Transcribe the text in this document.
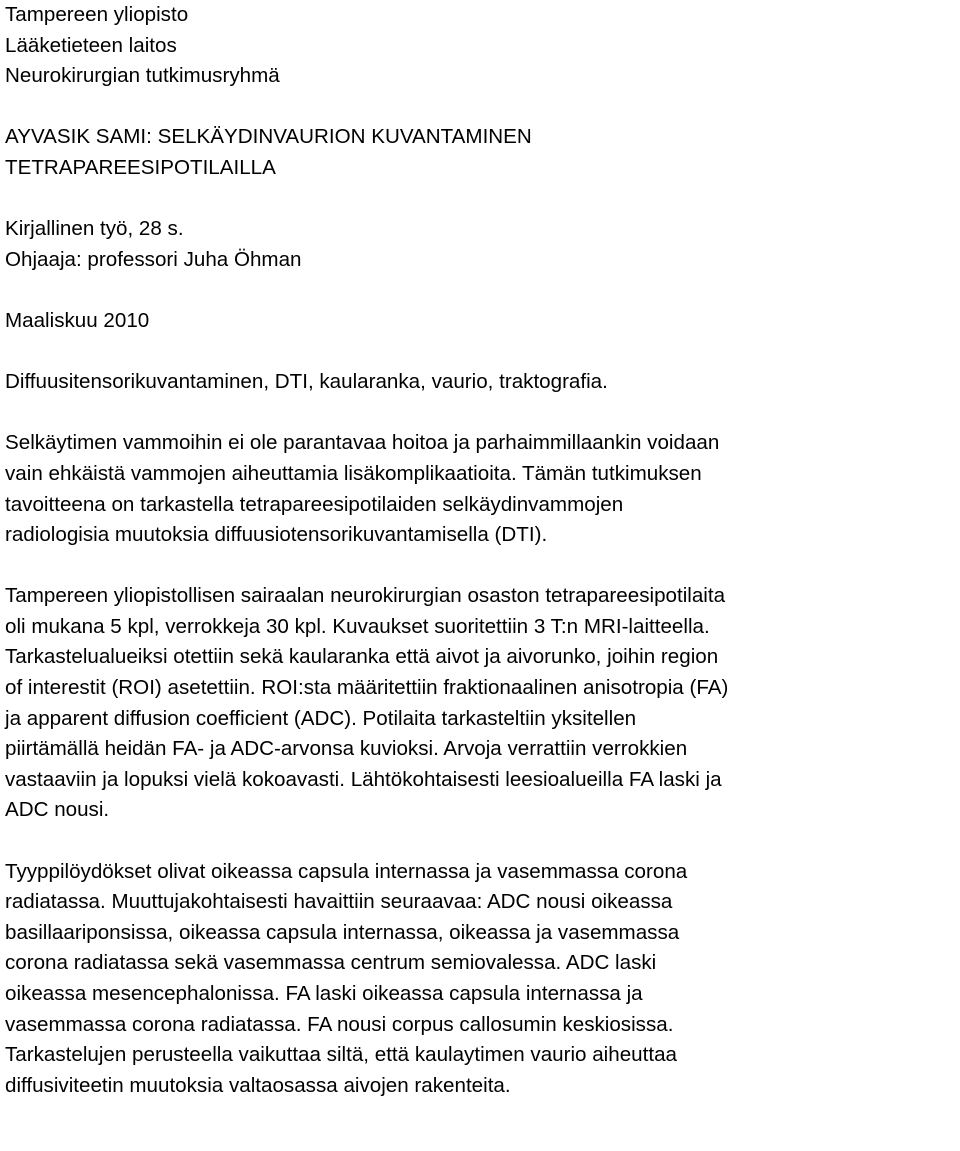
Tampereen yliopisto
Lääketieteen laitos
Neurokirurgian tutkimusryhmä
AYVASIK SAMI: SELKÄYDINVAURION KUVANTAMINEN
TETRAPAREESIPOTILAILLA
Kirjallinen työ, 28 s.
Ohjaaja: professori Juha Öhman
Maaliskuu 2010
Diffuusitensorikuvantaminen, DTI, kaularanka, vaurio, traktografia.
Selkäytimen vammoihin ei ole parantavaa hoitoa ja parhaimmillaankin voidaan
vain ehkäistä vammojen aiheuttamia lisäkomplikaatioita. Tämän tutkimuksen
tavoitteena on tarkastella tetrapareesipotilaiden selkäydinvammojen
radiologisia muutoksia diffuusiotensorikuvantamisella (DTI).
Tampereen yliopistollisen sairaalan neurokirurgian osaston tetrapareesipotilaita
oli mukana 5 kpl, verrokkeja 30 kpl. Kuvaukset suoritettiin 3 T:n MRI-laitteella.
Tarkastelualueiksi otettiin sekä kaularanka että aivot ja aivorunko, joihin region
of interestit (ROI) asetettiin. ROI:sta määritettiin fraktionaalinen anisotropia (FA)
ja apparent diffusion coefficient (ADC). Potilaita tarkasteltiin yksitellen
piirtämällä heidän FA- ja ADC-arvonsa kuvioksi. Arvoja verrattiin verrokkien
vastaaviin ja lopuksi vielä kokoavasti. Lähtökohtaisesti leesioalueilla FA laski ja
ADC nousi.
Tyyppilöydökset olivat oikeassa capsula internassa ja vasemmassa corona
radiatassa. Muuttujakohtaisesti havaittiin seuraavaa: ADC nousi oikeassa
basillaariponsissa, oikeassa capsula internassa, oikeassa ja vasemmassa
corona radiatassa sekä vasemmassa centrum semiovalessa. ADC laski
oikeassa mesencephalonissa. FA laski oikeassa capsula internassa ja
vasemmassa corona radiatassa. FA nousi corpus callosumin keskiosissa.
Tarkastelujen perusteella vaikuttaa siltä, että kaulaytimen vaurio aiheuttaa
diffusiviteetin muutoksia valtaosassa aivojen rakenteita.
